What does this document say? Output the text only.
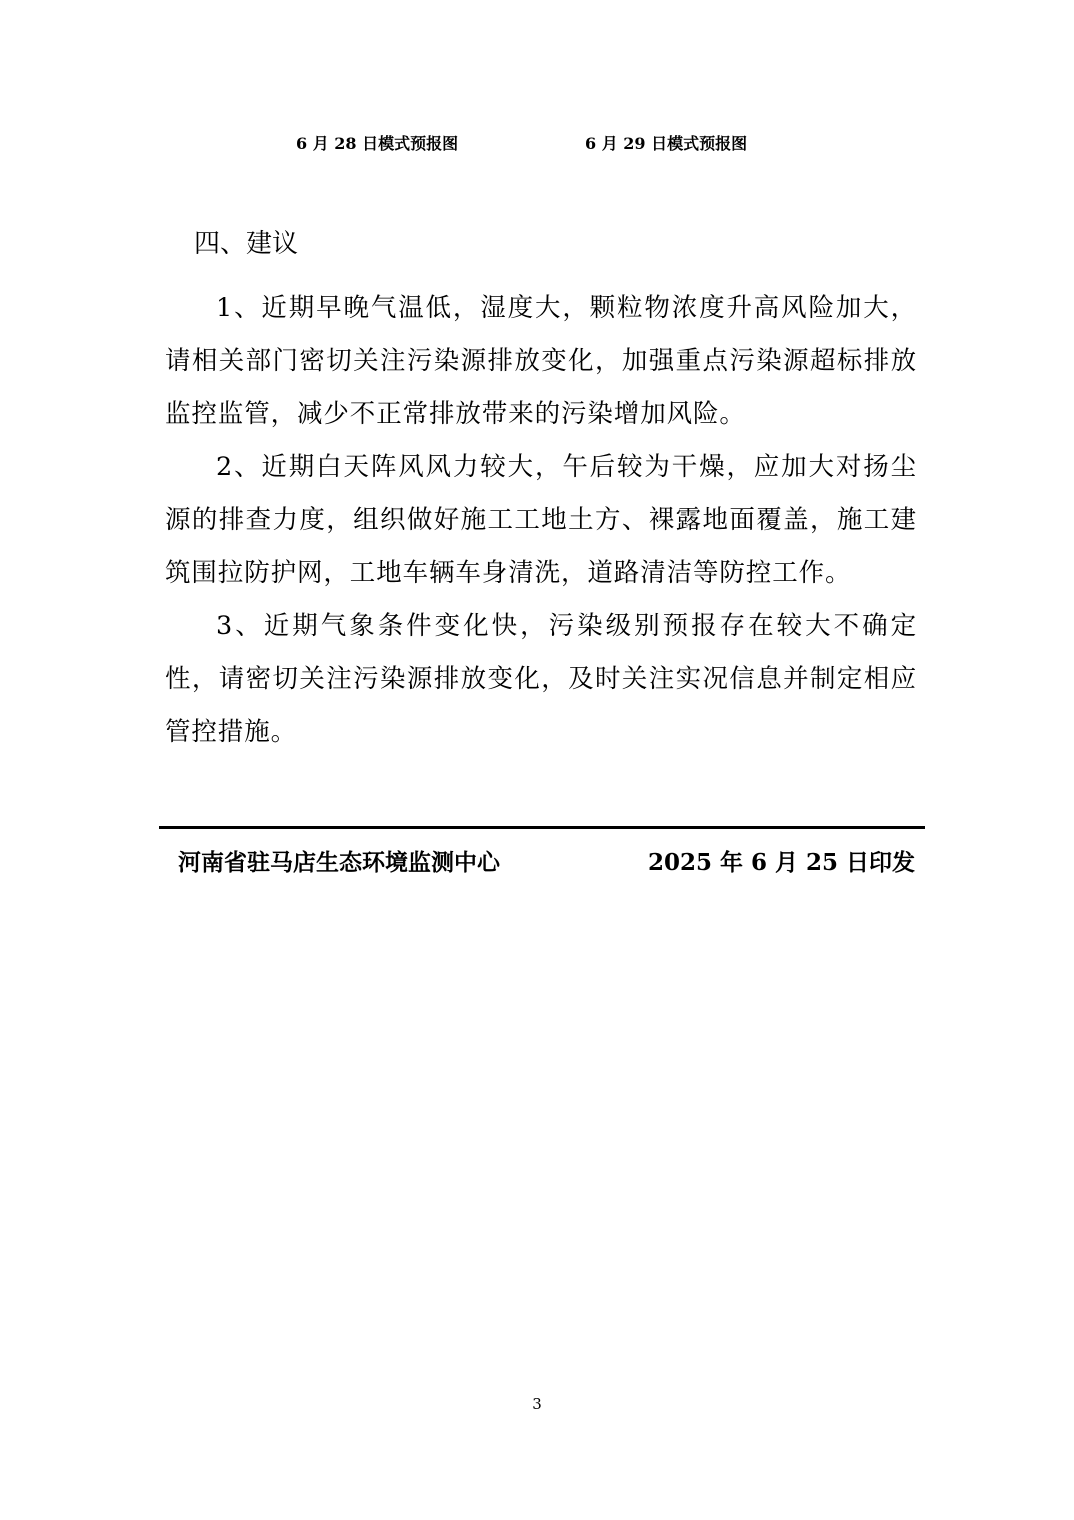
6 月 28 日模式预报图	6 月 29 日模式预报图
四、建议

1、近期早晚气温低，湿度大，颗粒物浓度升高风险加大，请相关部门密切关注污染源排放变化，加强重点污染源超标排放监控监管，减少不正常排放带来的污染增加风险。

2、近期白天阵风风力较大，午后较为干燥，应加大对扬尘源的排查力度，组织做好施工工地土方、裸露地面覆盖，施工建筑围拉防护网，工地车辆车身清洗，道路清洁等防控工作。

3、近期气象条件变化快，污染级别预报存在较大不确定性，请密切关注污染源排放变化，及时关注实况信息并制定相应管控措施。

河南省驻马店生态环境监测中心	2025 年 6 月 25 日印发
3
